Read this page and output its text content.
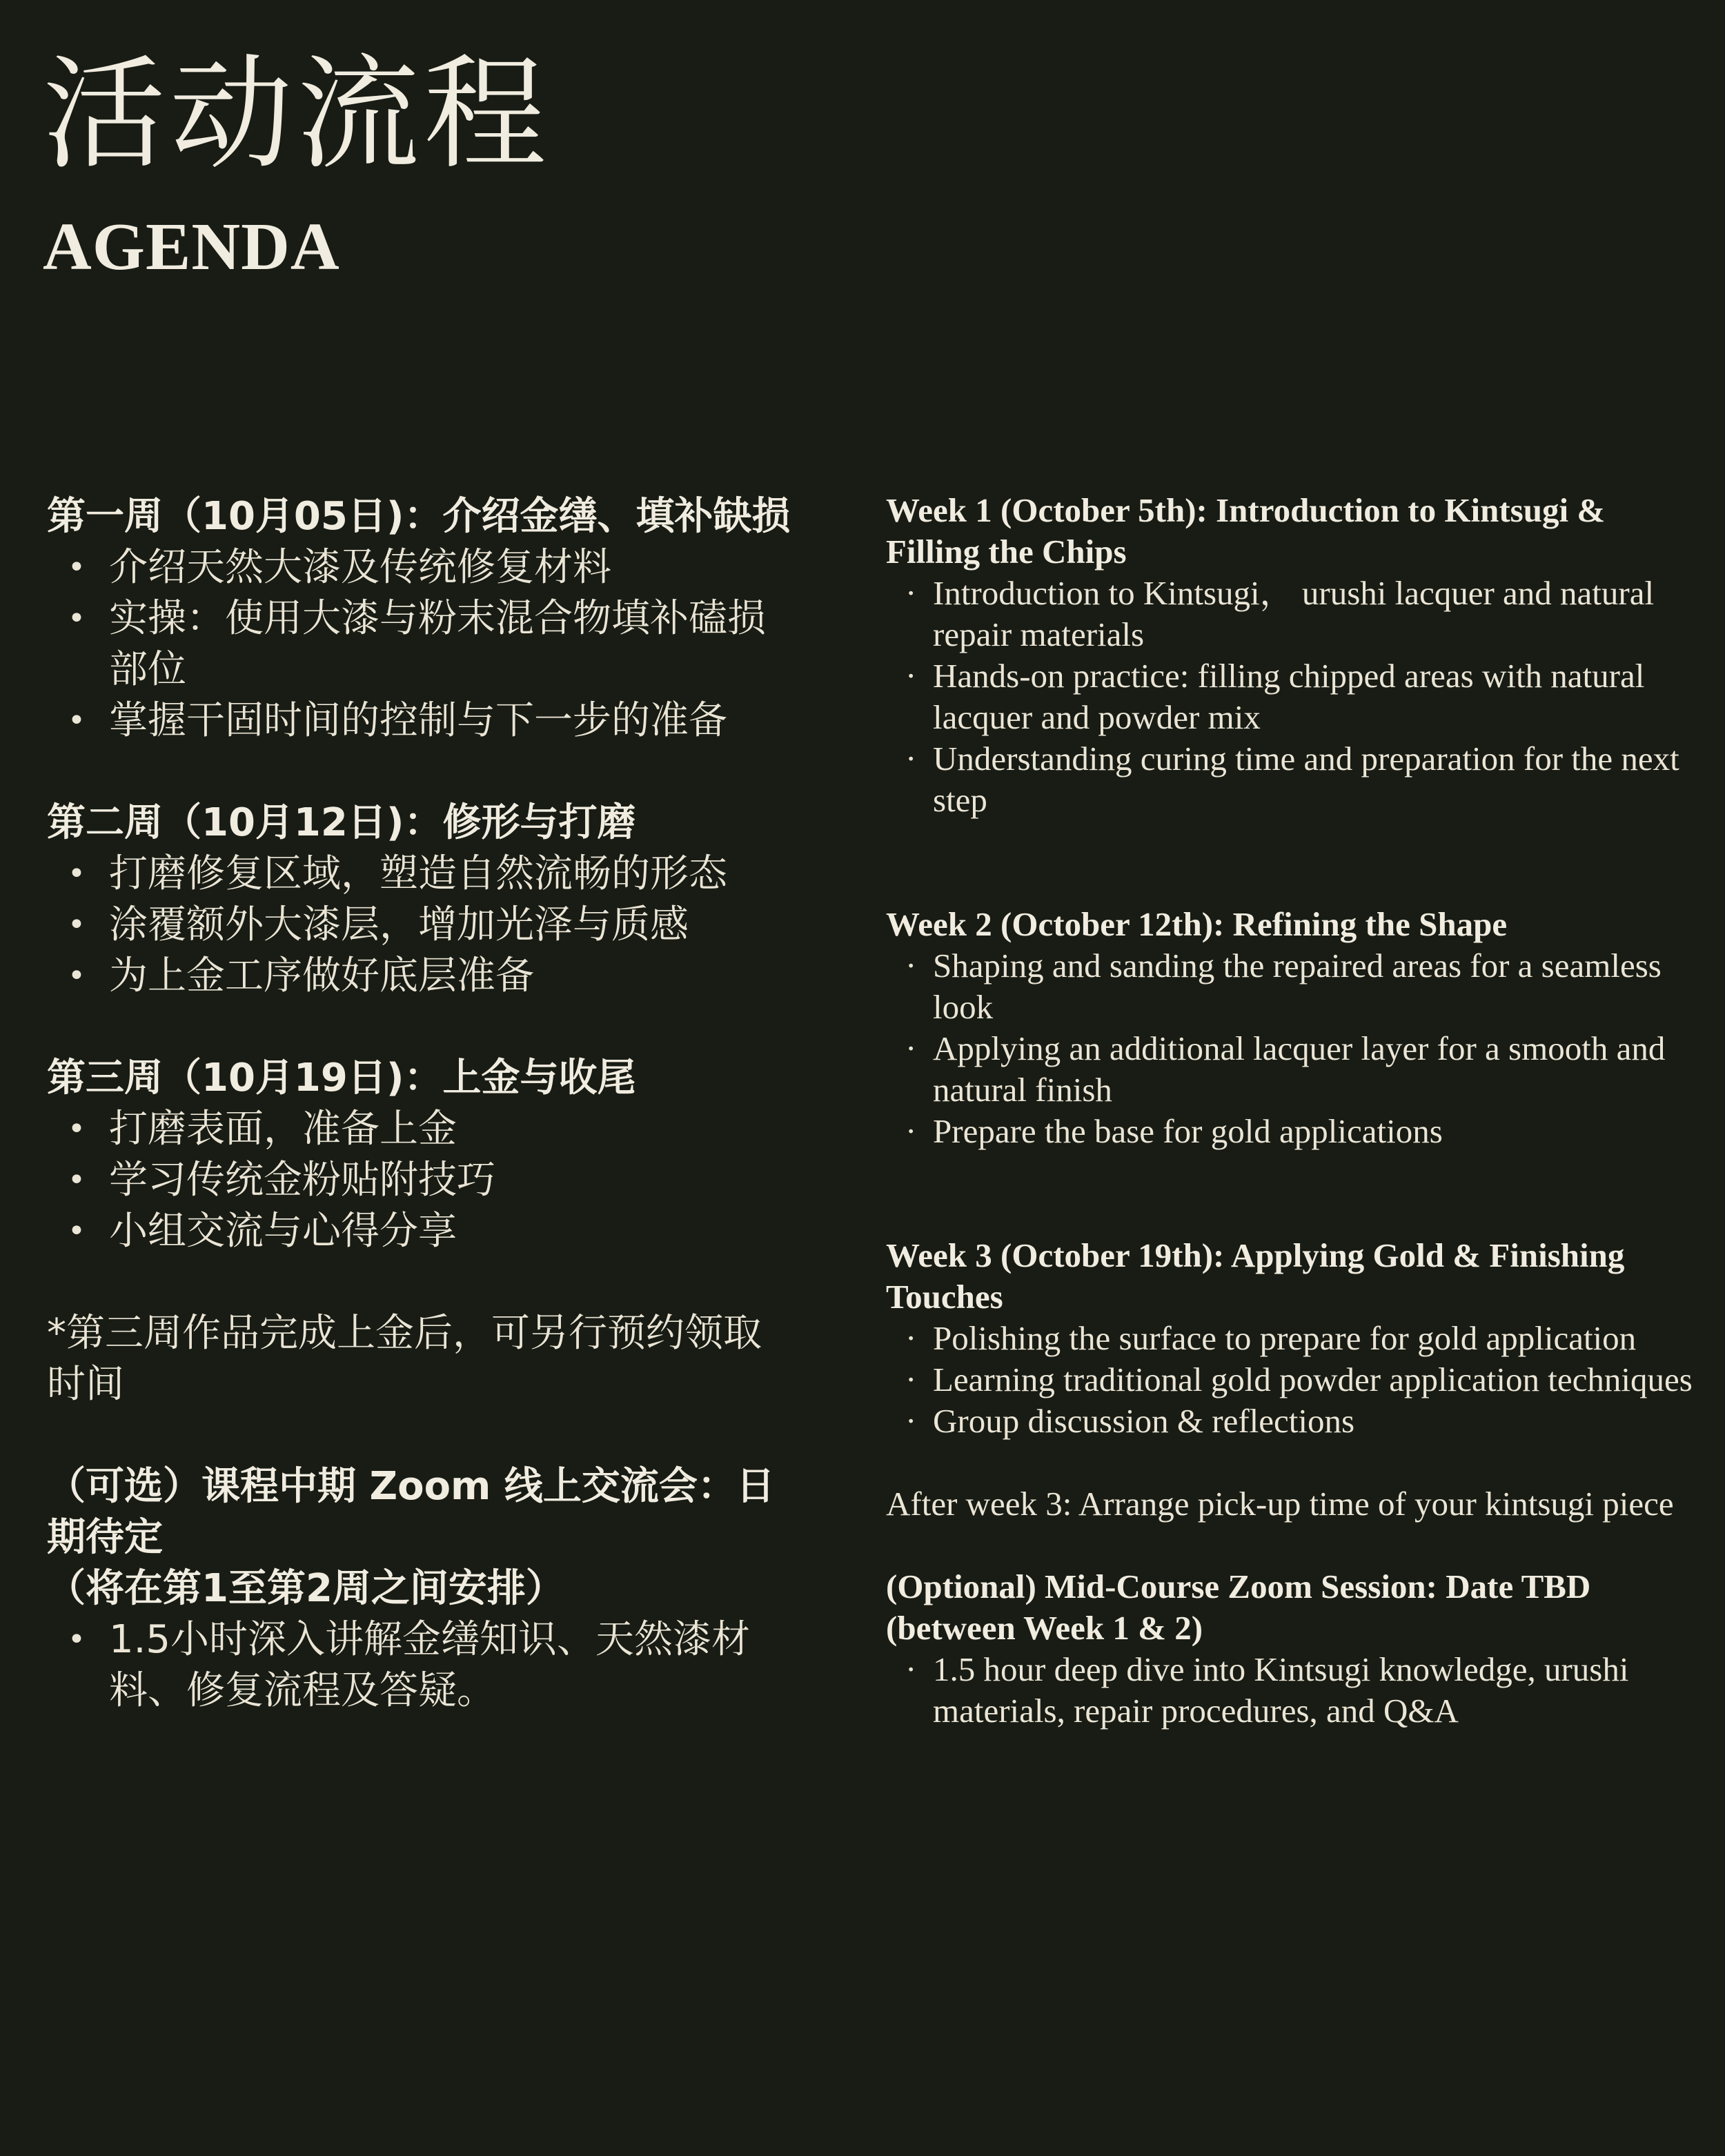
活动流程
AGENDA

第一周（10月05日)：介绍金缮、填补缺损

• 介绍天然大漆及传统修复材料
• 实操：使用大漆与粉末混合物填补磕损部位
• 掌握干固时间的控制与下一步的准备

第二周（10月12日)：修形与打磨

• 打磨修复区域，塑造自然流畅的形态
• 涂覆额外大漆层，增加光泽与质感
• 为上金工序做好底层准备

第三周（10月19日)：上金与收尾

• 打磨表面，准备上金
• 学习传统金粉贴附技巧
• 小组交流与心得分享

*第三周作品完成上金后，可另行预约领取时间

（可选）课程中期 Zoom 线上交流会：日期待定

（将在第1至第2周之间安排）

• 1.5小时深入讲解金缮知识、天然漆材料、修复流程及答疑。

Week 1 (October 5th): Introduction to Kintsugi & Filling the Chips

· Introduction to Kintsugi， urushi lacquer and natural repair materials
· Hands-on practice: filling chipped areas with natural lacquer and powder mix
· Understanding curing time and preparation for the next step

Week 2 (October 12th): Refining the Shape

· Shaping and sanding the repaired areas for a seamless look
· Applying an additional lacquer layer for a smooth and natural finish
· Prepare the base for gold applications

Week 3 (October 19th): Applying Gold & Finishing Touches

· Polishing the surface to prepare for gold application
· Learning traditional gold powder application techniques
· Group discussion & reflections

After week 3: Arrange pick-up time of your kintsugi piece

(Optional) Mid-Course Zoom Session: Date TBD (between Week 1 & 2)

· 1.5 hour deep dive into Kintsugi knowledge, urushi materials, repair procedures, and Q&A
